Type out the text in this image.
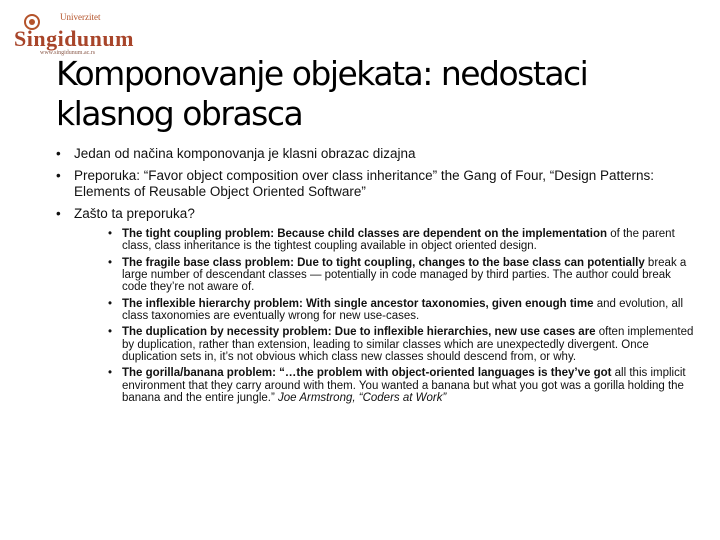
Univerzitet
Singidunum
www.singidunum.ac.rs
Komponovanje objekata: nedostaci klasnog obrasca
• Jedan od načina komponovanja je klasni obrazac dizajna
• Preporuka: “Favor object composition over class inheritance” the Gang of Four, “Design Patterns: Elements of Reusable Object Oriented Software”
• Zašto ta preporuka?
• The tight coupling problem: Because child classes are dependent on the implementation of the parent class, class inheritance is the tightest coupling available in object oriented design.
• The fragile base class problem: Due to tight coupling, changes to the base class can potentially break a large number of descendant classes — potentially in code managed by third parties. The author could break code they’re not aware of.
• The inflexible hierarchy problem: With single ancestor taxonomies, given enough time and evolution, all class taxonomies are eventually wrong for new use-cases.
• The duplication by necessity problem: Due to inflexible hierarchies, new use cases are often implemented by duplication, rather than extension, leading to similar classes which are unexpectedly divergent. Once duplication sets in, it’s not obvious which class new classes should descend from, or why.
• The gorilla/banana problem: “…the problem with object-oriented languages is they’ve got all this implicit environment that they carry around with them. You wanted a banana but what you got was a gorilla holding the banana and the entire jungle.” Joe Armstrong, “Coders at Work”
